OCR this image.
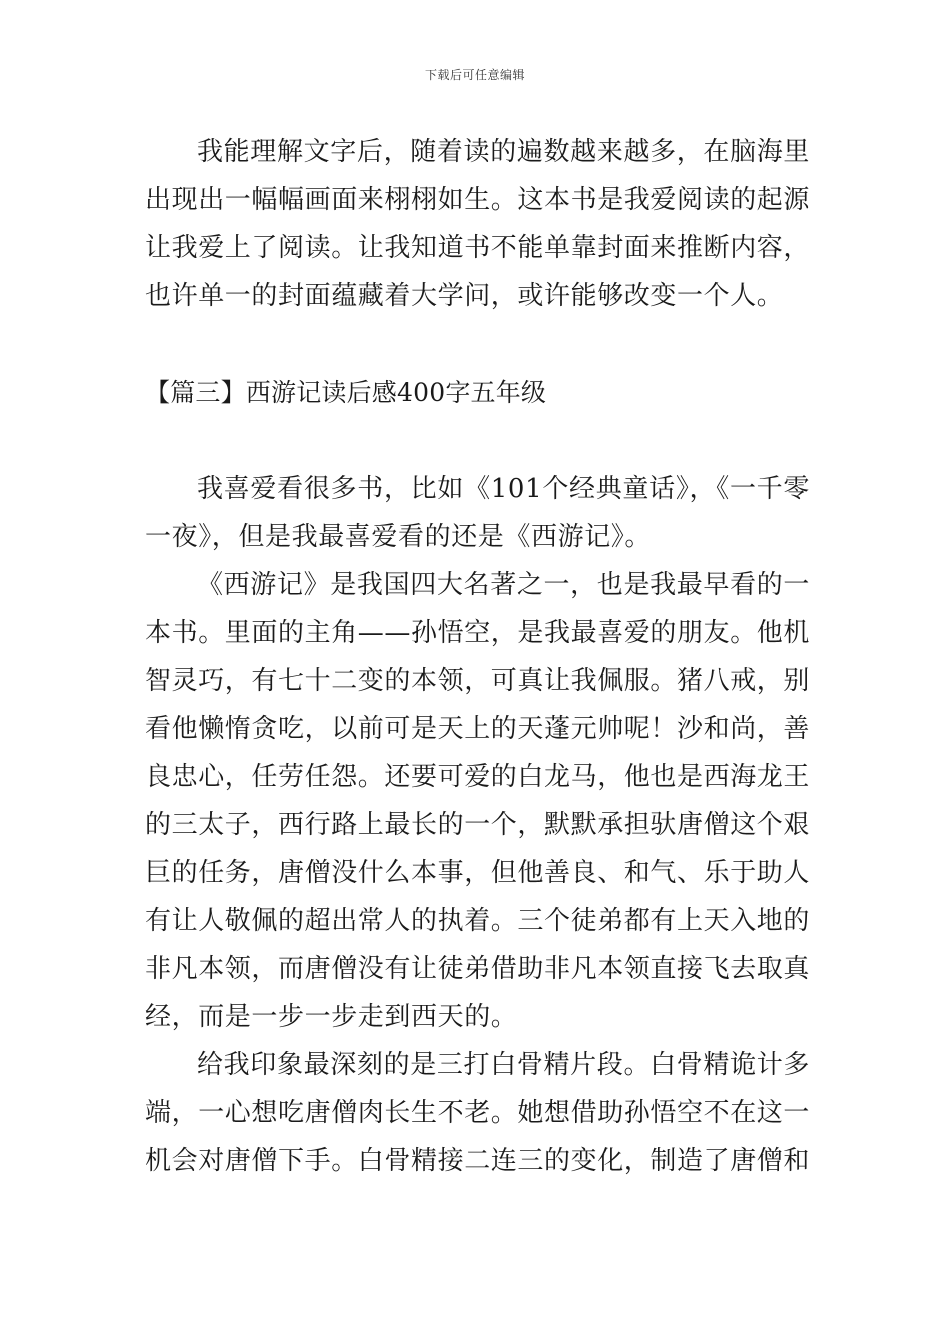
下载后可任意编辑

我能理解文字后，随着读的遍数越来越多，在脑海里出现出一幅幅画面来栩栩如生。这本书是我爱阅读的起源让我爱上了阅读。让我知道书不能单靠封面来推断内容，也许单一的封面蕴藏着大学问，或许能够改变一个人。

【篇三】西游记读后感400字五年级

我喜爱看很多书，比如《101个经典童话》，《一千零一夜》，但是我最喜爱看的还是《西游记》。

《西游记》是我国四大名著之一，也是我最早看的一本书。里面的主角——孙悟空，是我最喜爱的朋友。他机智灵巧，有七十二变的本领，可真让我佩服。猪八戒，别看他懒惰贪吃，以前可是天上的天蓬元帅呢！沙和尚，善良忠心，任劳任怨。还要可爱的白龙马，他也是西海龙王的三太子，西行路上最长的一个，默默承担驮唐僧这个艰巨的任务，唐僧没什么本事，但他善良、和气、乐于助人有让人敬佩的超出常人的执着。三个徒弟都有上天入地的非凡本领，而唐僧没有让徒弟借助非凡本领直接飞去取真经，而是一步一步走到西天的。

给我印象最深刻的是三打白骨精片段。白骨精诡计多端，一心想吃唐僧肉长生不老。她想借助孙悟空不在这一机会对唐僧下手。白骨精接二连三的变化，制造了唐僧和
